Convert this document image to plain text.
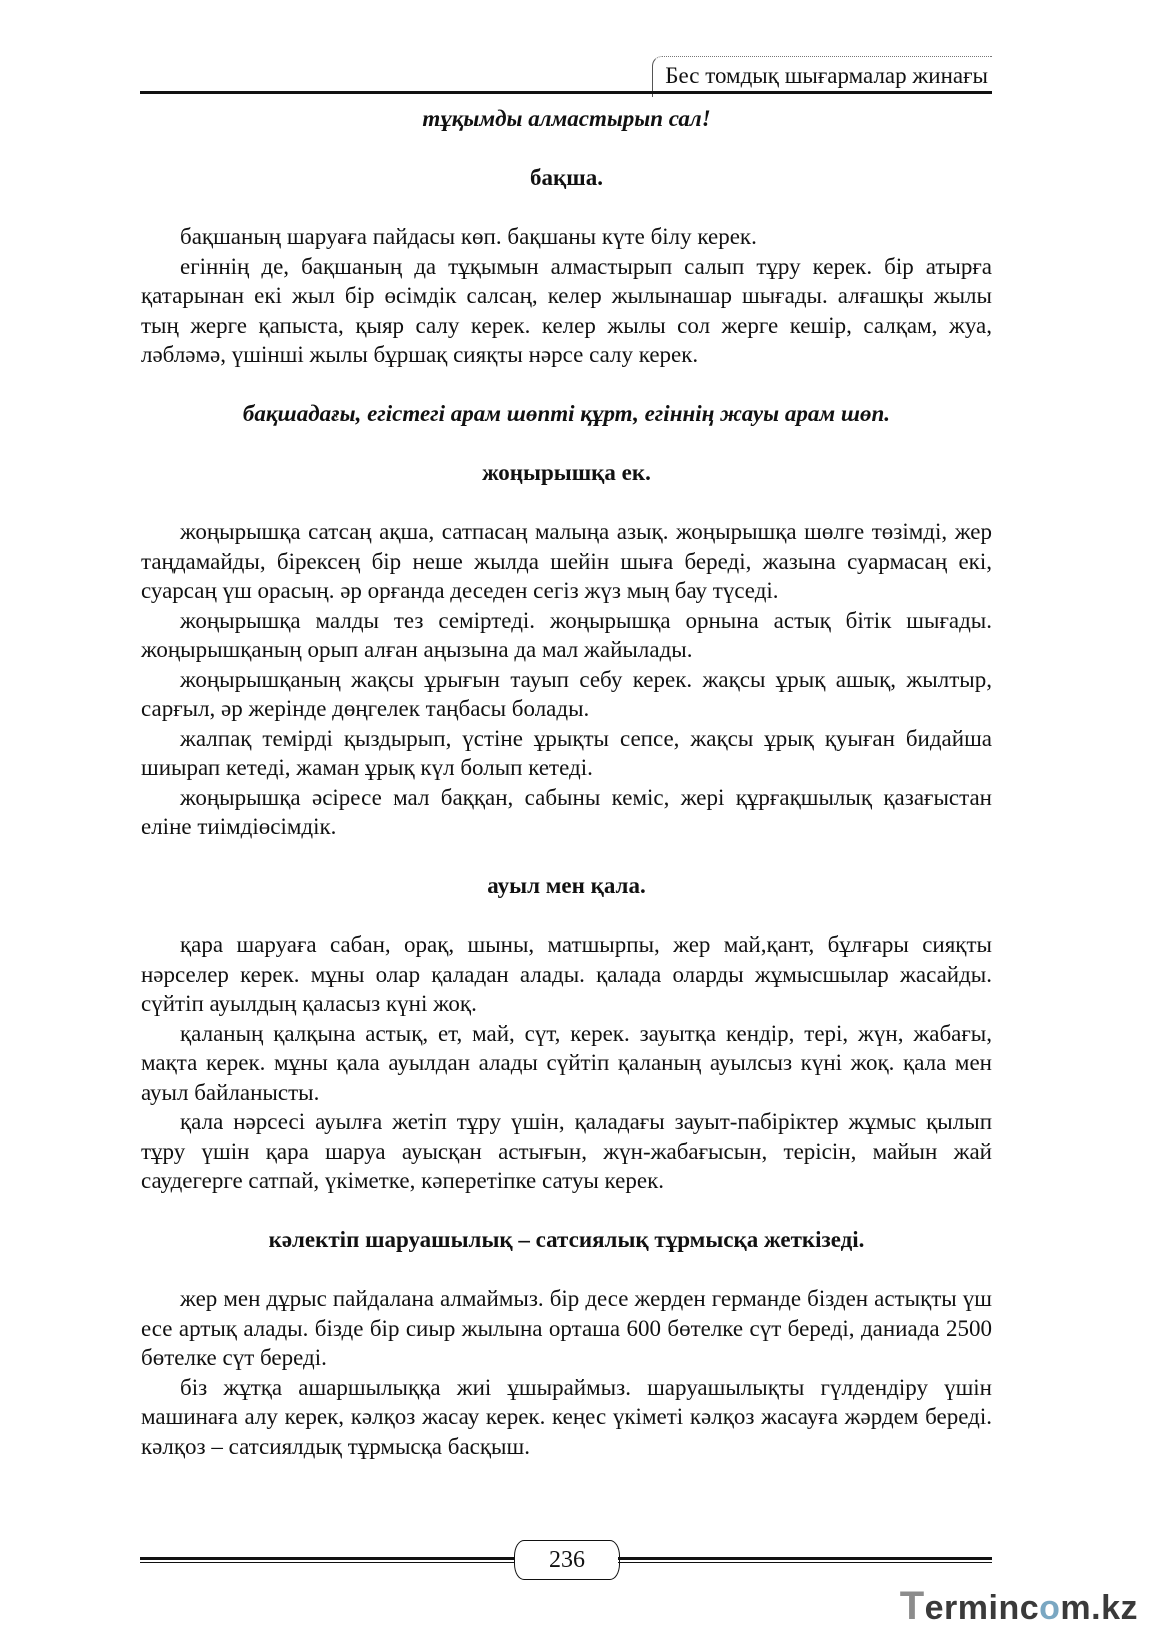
Бес томдық шығармалар жинағы
тұқымды алмастырып сал!
бақша.

бақшаның шаруаға пайдасы көп. бақшаны күте білу керек.

егіннің де, бақшаның да тұқымын алмастырып салып тұру керек. бір атырға қатарынан екі жыл бір өсімдік салсаң, келер жылынашар шығады. алғашқы жылы тың жерге қапыста, қыяр салу керек. келер жылы сол жерге кешір, салқам, жуа, ләбләмә, үшінші жылы бұршақ сияқты нәрсе салу керек.

бақшадағы, егістегі арам шөпті құрт, егіннің жауы арам шөп.
жоңырышқа ек.

жоңырышқа сатсаң ақша, сатпасаң малыңа азық. жоңырышқа шөлге төзімді, жер таңдамайды, бірексең бір неше жылда шейін шыға береді, жазына суармасаң екі, суарсаң үш орасың. әр орғанда деседен сегіз жүз мың бау түседі.

жоңырышқа малды тез семіртеді. жоңырышқа орнына астық бітік шығады. жоңырышқаның орып алған аңызына да мал жайылады.

жоңырышқаның жақсы ұрығын тауып себу керек. жақсы ұрық ашық, жылтыр, сарғыл, әр жерінде дөңгелек таңбасы болады.

жалпақ темірді қыздырып, үстіне ұрықты сепсе, жақсы ұрық қуыған бидайша шиырап кетеді, жаман ұрық күл болып кетеді.

жоңырышқа әсіресе мал баққан, сабыны кеміс, жері құрғақшылық қазағыстан еліне тиімдіөсімдік.

ауыл мен қала.

қара шаруаға сабан, орақ, шыны, матшырпы, жер май,қант, бұлғары сияқты нәрселер керек. мұны олар қаладан алады. қалада оларды жұмысшылар жасайды. сүйтіп ауылдың қаласыз күні жоқ.

қаланың қалқына астық, ет, май, сүт, керек. зауытқа кендір, тері, жүн, жабағы, мақта керек. мұны қала ауылдан алады сүйтіп қаланың ауылсыз күні жоқ. қала мен ауыл байланысты.

қала нәрсесі ауылға жетіп тұру үшін, қаладағы зауыт-пабіріктер жұмыс қылып тұру үшін қара шаруа ауысқан астығын, жүн-жабағысын, терісін, майын жай саудегерге сатпай, үкіметке, кәперетіпке сатуы керек.

кәлектіп шаруашылық – сатсиялық тұрмысқа жеткізеді.

жер мен дұрыс пайдалана алмаймыз. бір десе жерден германде бізден астықты үш есе артық алады. бізде бір сиыр жылына орташа 600 бөтелке сүт береді, даниада 2500 бөтелке сүт береді.

біз жұтқа ашаршылыққа жиі ұшыраймыз. шаруашылықты гүлдендіру үшін машинаға алу керек, кәлқоз жасау керек. кеңес үкіметі кәлқоз жасауға жәрдем береді. кәлқоз – сатсиялдық тұрмысқа басқыш.

236
Termincom.kz
